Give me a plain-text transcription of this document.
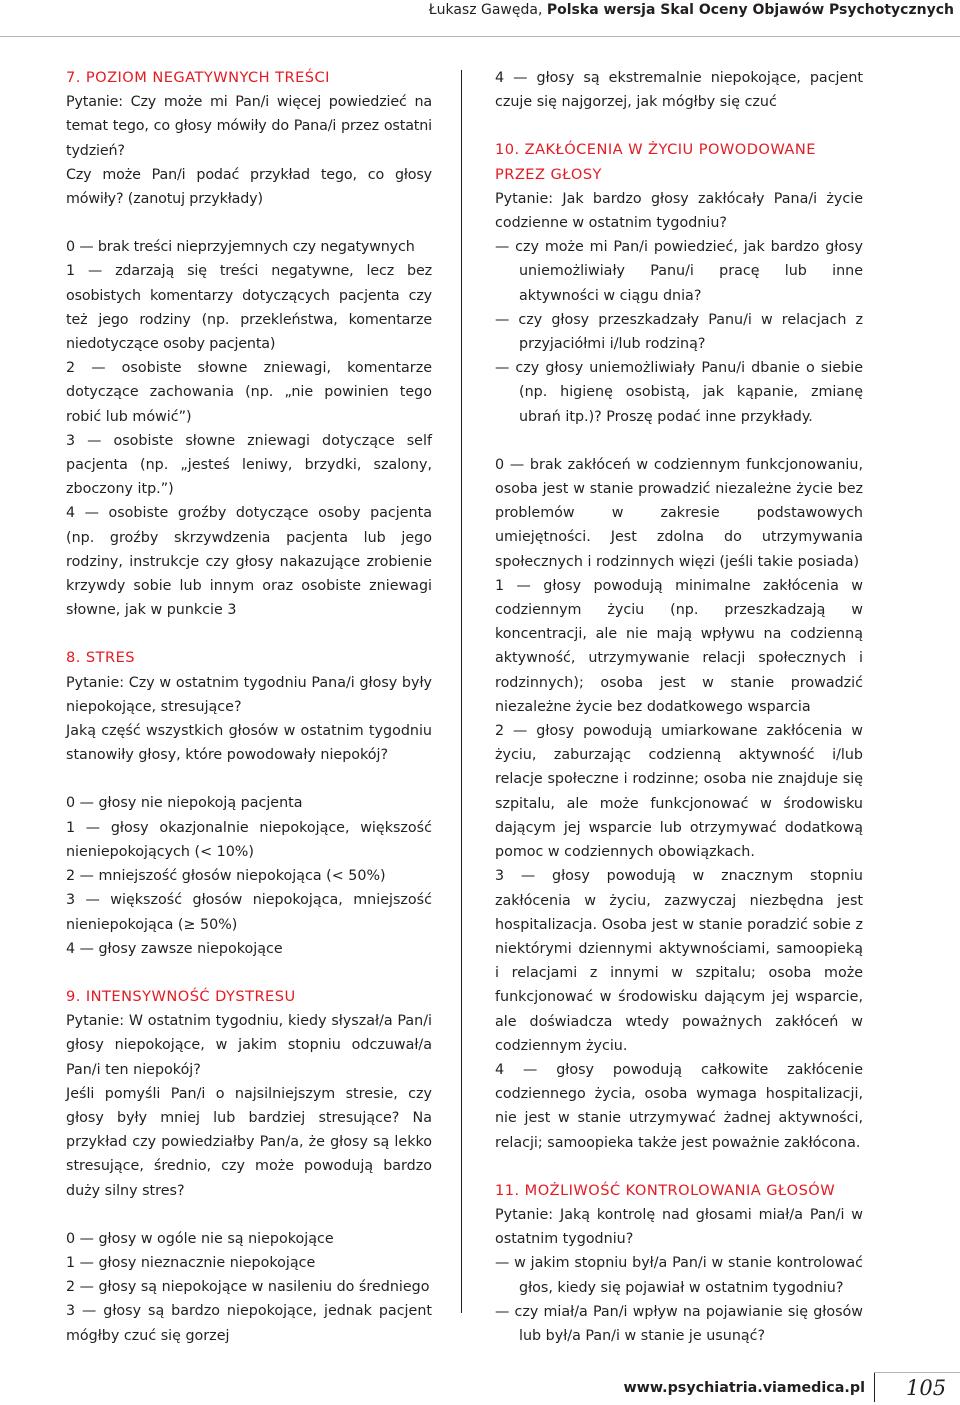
Łukasz Gawęda, Polska wersja Skal Oceny Objawów Psychotycznych
7. POZIOM NEGATYWNYCH TREŚCI

Pytanie: Czy może mi Pan/i więcej powiedzieć na temat tego, co głosy mówiły do Pana/i przez ostatni tydzień?

Czy może Pan/i podać przykład tego, co głosy mówiły? (zanotuj przykłady)

0 — brak treści nieprzyjemnych czy negatywnych

1 — zdarzają się treści negatywne, lecz bez osobistych komentarzy dotyczących pacjenta czy też jego rodziny (np. przekleństwa, komentarze niedotyczące osoby pacjenta)

2 — osobiste słowne zniewagi, komentarze dotyczące zachowania (np. „nie powinien tego robić lub mówić”)

3 — osobiste słowne zniewagi dotyczące self pacjenta (np. „jesteś leniwy, brzydki, szalony, zboczony itp.”)

4 — osobiste groźby dotyczące osoby pacjenta (np. groźby skrzywdzenia pacjenta lub jego rodziny, instrukcje czy głosy nakazujące zrobienie krzywdy sobie lub innym oraz osobiste zniewagi słowne, jak w punkcie 3

8. STRES

Pytanie: Czy w ostatnim tygodniu Pana/i głosy były niepokojące, stresujące?

Jaką część wszystkich głosów w ostatnim tygodniu stanowiły głosy, które powodowały niepokój?

0 — głosy nie niepokoją pacjenta

1 — głosy okazjonalnie niepokojące, większość nieniepokojących (< 10%)

2 — mniejszość głosów niepokojąca (< 50%)

3 — większość głosów niepokojąca, mniejszość nieniepokojąca (≥ 50%)

4 — głosy zawsze niepokojące

9. INTENSYWNOŚĆ DYSTRESU

Pytanie: W ostatnim tygodniu, kiedy słyszał/a Pan/i głosy niepokojące, w jakim stopniu odczuwał/a Pan/i ten niepokój?

Jeśli pomyśli Pan/i o najsilniejszym stresie, czy głosy były mniej lub bardziej stresujące? Na przykład czy powiedziałby Pan/a, że głosy są lekko stresujące, średnio, czy może powodują bardzo duży silny stres?

0 — głosy w ogóle nie są niepokojące

1 — głosy nieznacznie niepokojące

2 — głosy są niepokojące w nasileniu do średniego

3 — głosy są bardzo niepokojące, jednak pacjent mógłby czuć się gorzej

4 — głosy są ekstremalnie niepokojące, pacjent czuje się najgorzej, jak mógłby się czuć

10. ZAKŁÓCENIA W ŻYCIU POWODOWANE PRZEZ GŁOSY

Pytanie: Jak bardzo głosy zakłócały Pana/i życie codzienne w ostatnim tygodniu?

— czy może mi Pan/i powiedzieć, jak bardzo głosy uniemożliwiały Panu/i pracę lub inne aktywności w ciągu dnia?

— czy głosy przeszkadzały Panu/i w relacjach z przyjaciółmi i/lub rodziną?

— czy głosy uniemożliwiały Panu/i dbanie o siebie (np. higienę osobistą, jak kąpanie, zmianę ubrań itp.)? Proszę podać inne przykłady.

0 — brak zakłóceń w codziennym funkcjonowaniu, osoba jest w stanie prowadzić niezależne życie bez problemów w zakresie podstawowych umiejętności. Jest zdolna do utrzymywania społecznych i rodzinnych więzi (jeśli takie posiada)

1 — głosy powodują minimalne zakłócenia w codziennym życiu (np. przeszkadzają w koncentracji, ale nie mają wpływu na codzienną aktywność, utrzymywanie relacji społecznych i rodzinnych); osoba jest w stanie prowadzić niezależne życie bez dodatkowego wsparcia

2 — głosy powodują umiarkowane zakłócenia w życiu, zaburzając codzienną aktywność i/lub relacje społeczne i rodzinne; osoba nie znajduje się szpitalu, ale może funkcjonować w środowisku dającym jej wsparcie lub otrzymywać dodatkową pomoc w codziennych obowiązkach.

3 — głosy powodują w znacznym stopniu zakłócenia w życiu, zazwyczaj niezbędna jest hospitalizacja. Osoba jest w stanie poradzić sobie z niektórymi dziennymi aktywnościami, samoopieką i relacjami z innymi w szpitalu; osoba może funkcjonować w środowisku dającym jej wsparcie, ale doświadcza wtedy poważnych zakłóceń w codziennym życiu.

4 — głosy powodują całkowite zakłócenie codziennego życia, osoba wymaga hospitalizacji, nie jest w stanie utrzymywać żadnej aktywności, relacji; samoopieka także jest poważnie zakłócona.

11. MOŻLIWOŚĆ KONTROLOWANIA GŁOSÓW

Pytanie: Jaką kontrolę nad głosami miał/a Pan/i w ostatnim tygodniu?

— w jakim stopniu był/a Pan/i w stanie kontrolować głos, kiedy się pojawiał w ostatnim tygodniu?

— czy miał/a Pan/i wpływ na pojawianie się głosów lub był/a Pan/i w stanie je usunąć?

www.psychiatria.viamedica.pl 105
